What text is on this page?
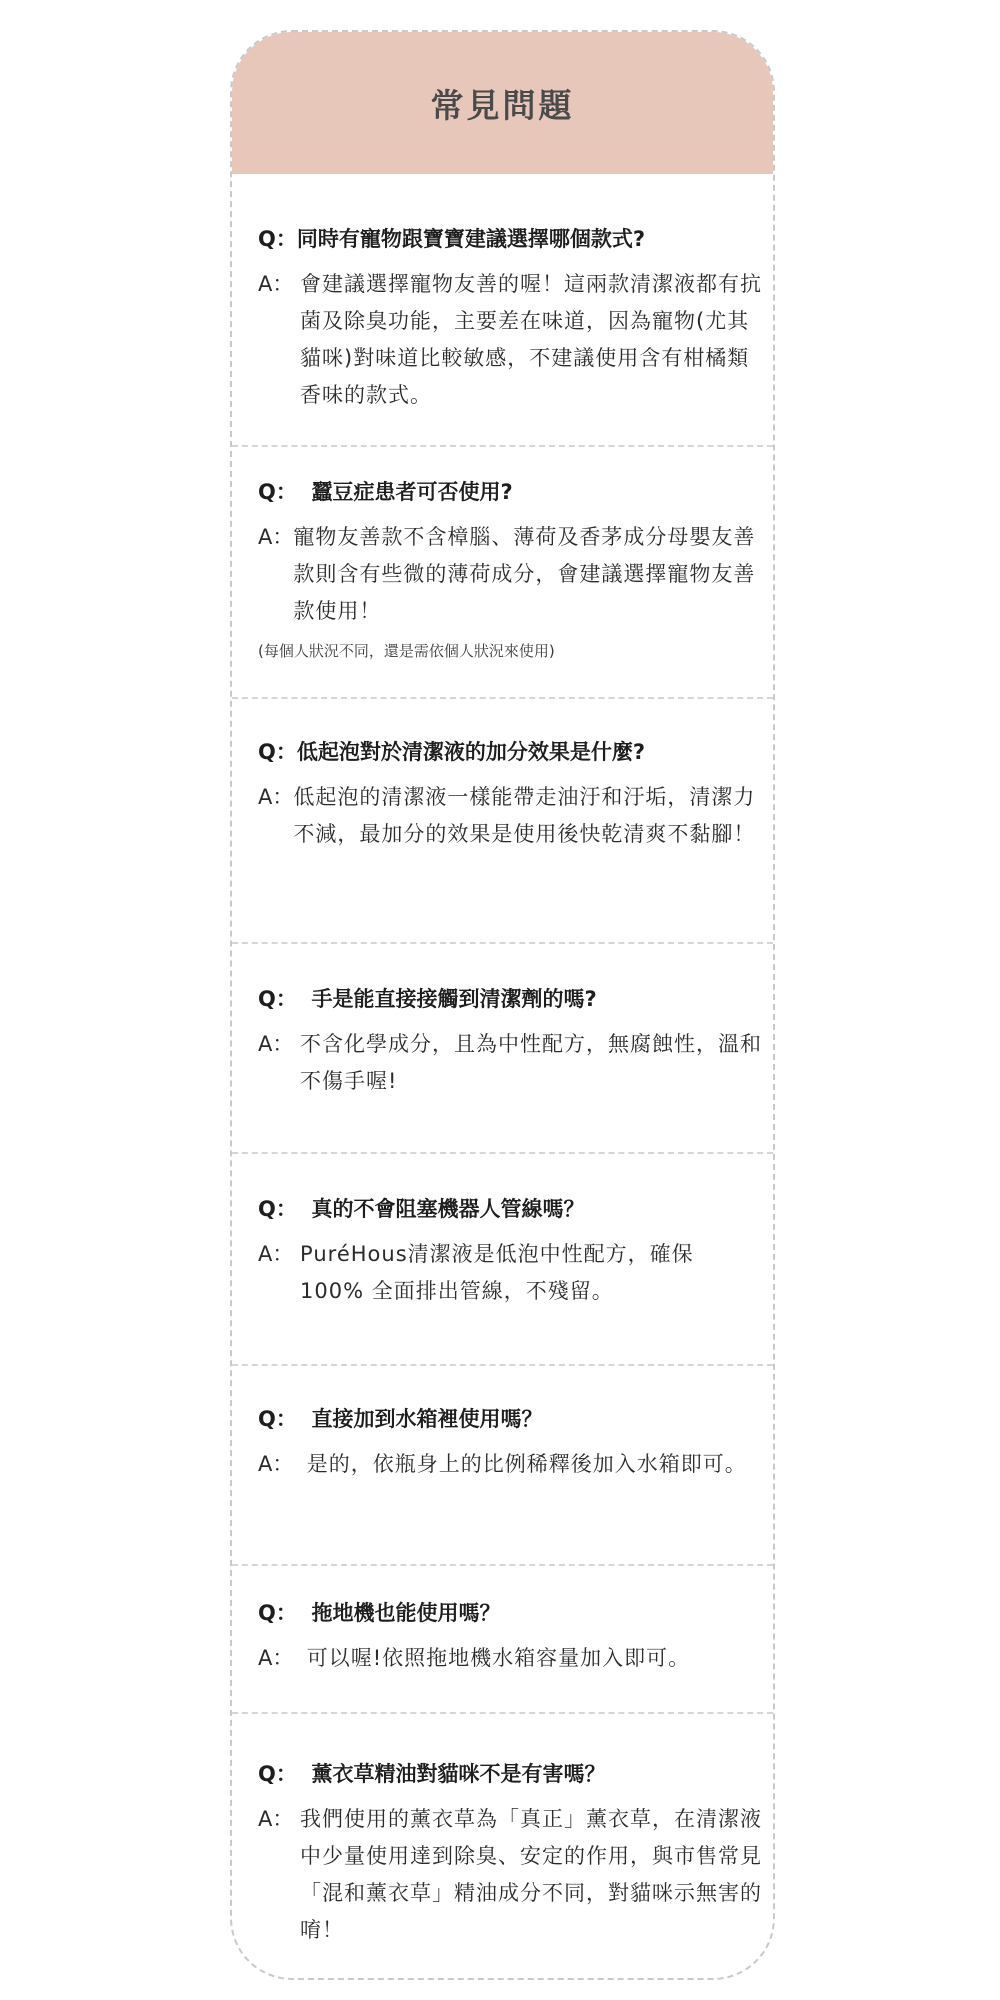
常見問題
Q： 同時有寵物跟寶寶建議選擇哪個款式?
A： 會建議選擇寵物友善的喔！這兩款清潔液都有抗菌及除臭功能，主要差在味道，因為寵物(尤其貓咪)對味道比較敏感，不建議使用含有柑橘類香味的款式。
Q： 蠶豆症患者可否使用?
A： 寵物友善款不含樟腦、薄荷及香茅成分母嬰友善款則含有些微的薄荷成分，會建議選擇寵物友善款使用！
(每個人狀況不同，還是需依個人狀況來使用)
Q： 低起泡對於清潔液的加分效果是什麼?
A： 低起泡的清潔液一樣能帶走油汙和汙垢，清潔力不減，最加分的效果是使用後快乾清爽不黏腳！
Q： 手是能直接接觸到清潔劑的嗎?
A： 不含化學成分，且為中性配方，無腐蝕性，溫和不傷手喔!
Q： 真的不會阻塞機器人管線嗎？
A： PuréHous清潔液是低泡中性配方，確保 100% 全面排出管線，不殘留。
Q： 直接加到水箱裡使用嗎？
A： 是的，依瓶身上的比例稀釋後加入水箱即可。
Q： 拖地機也能使用嗎？
A： 可以喔!依照拖地機水箱容量加入即可。
Q： 薰衣草精油對貓咪不是有害嗎？
A： 我們使用的薰衣草為「真正」薰衣草，在清潔液中少量使用達到除臭、安定的作用，與市售常見「混和薰衣草」精油成分不同，對貓咪示無害的唷！
